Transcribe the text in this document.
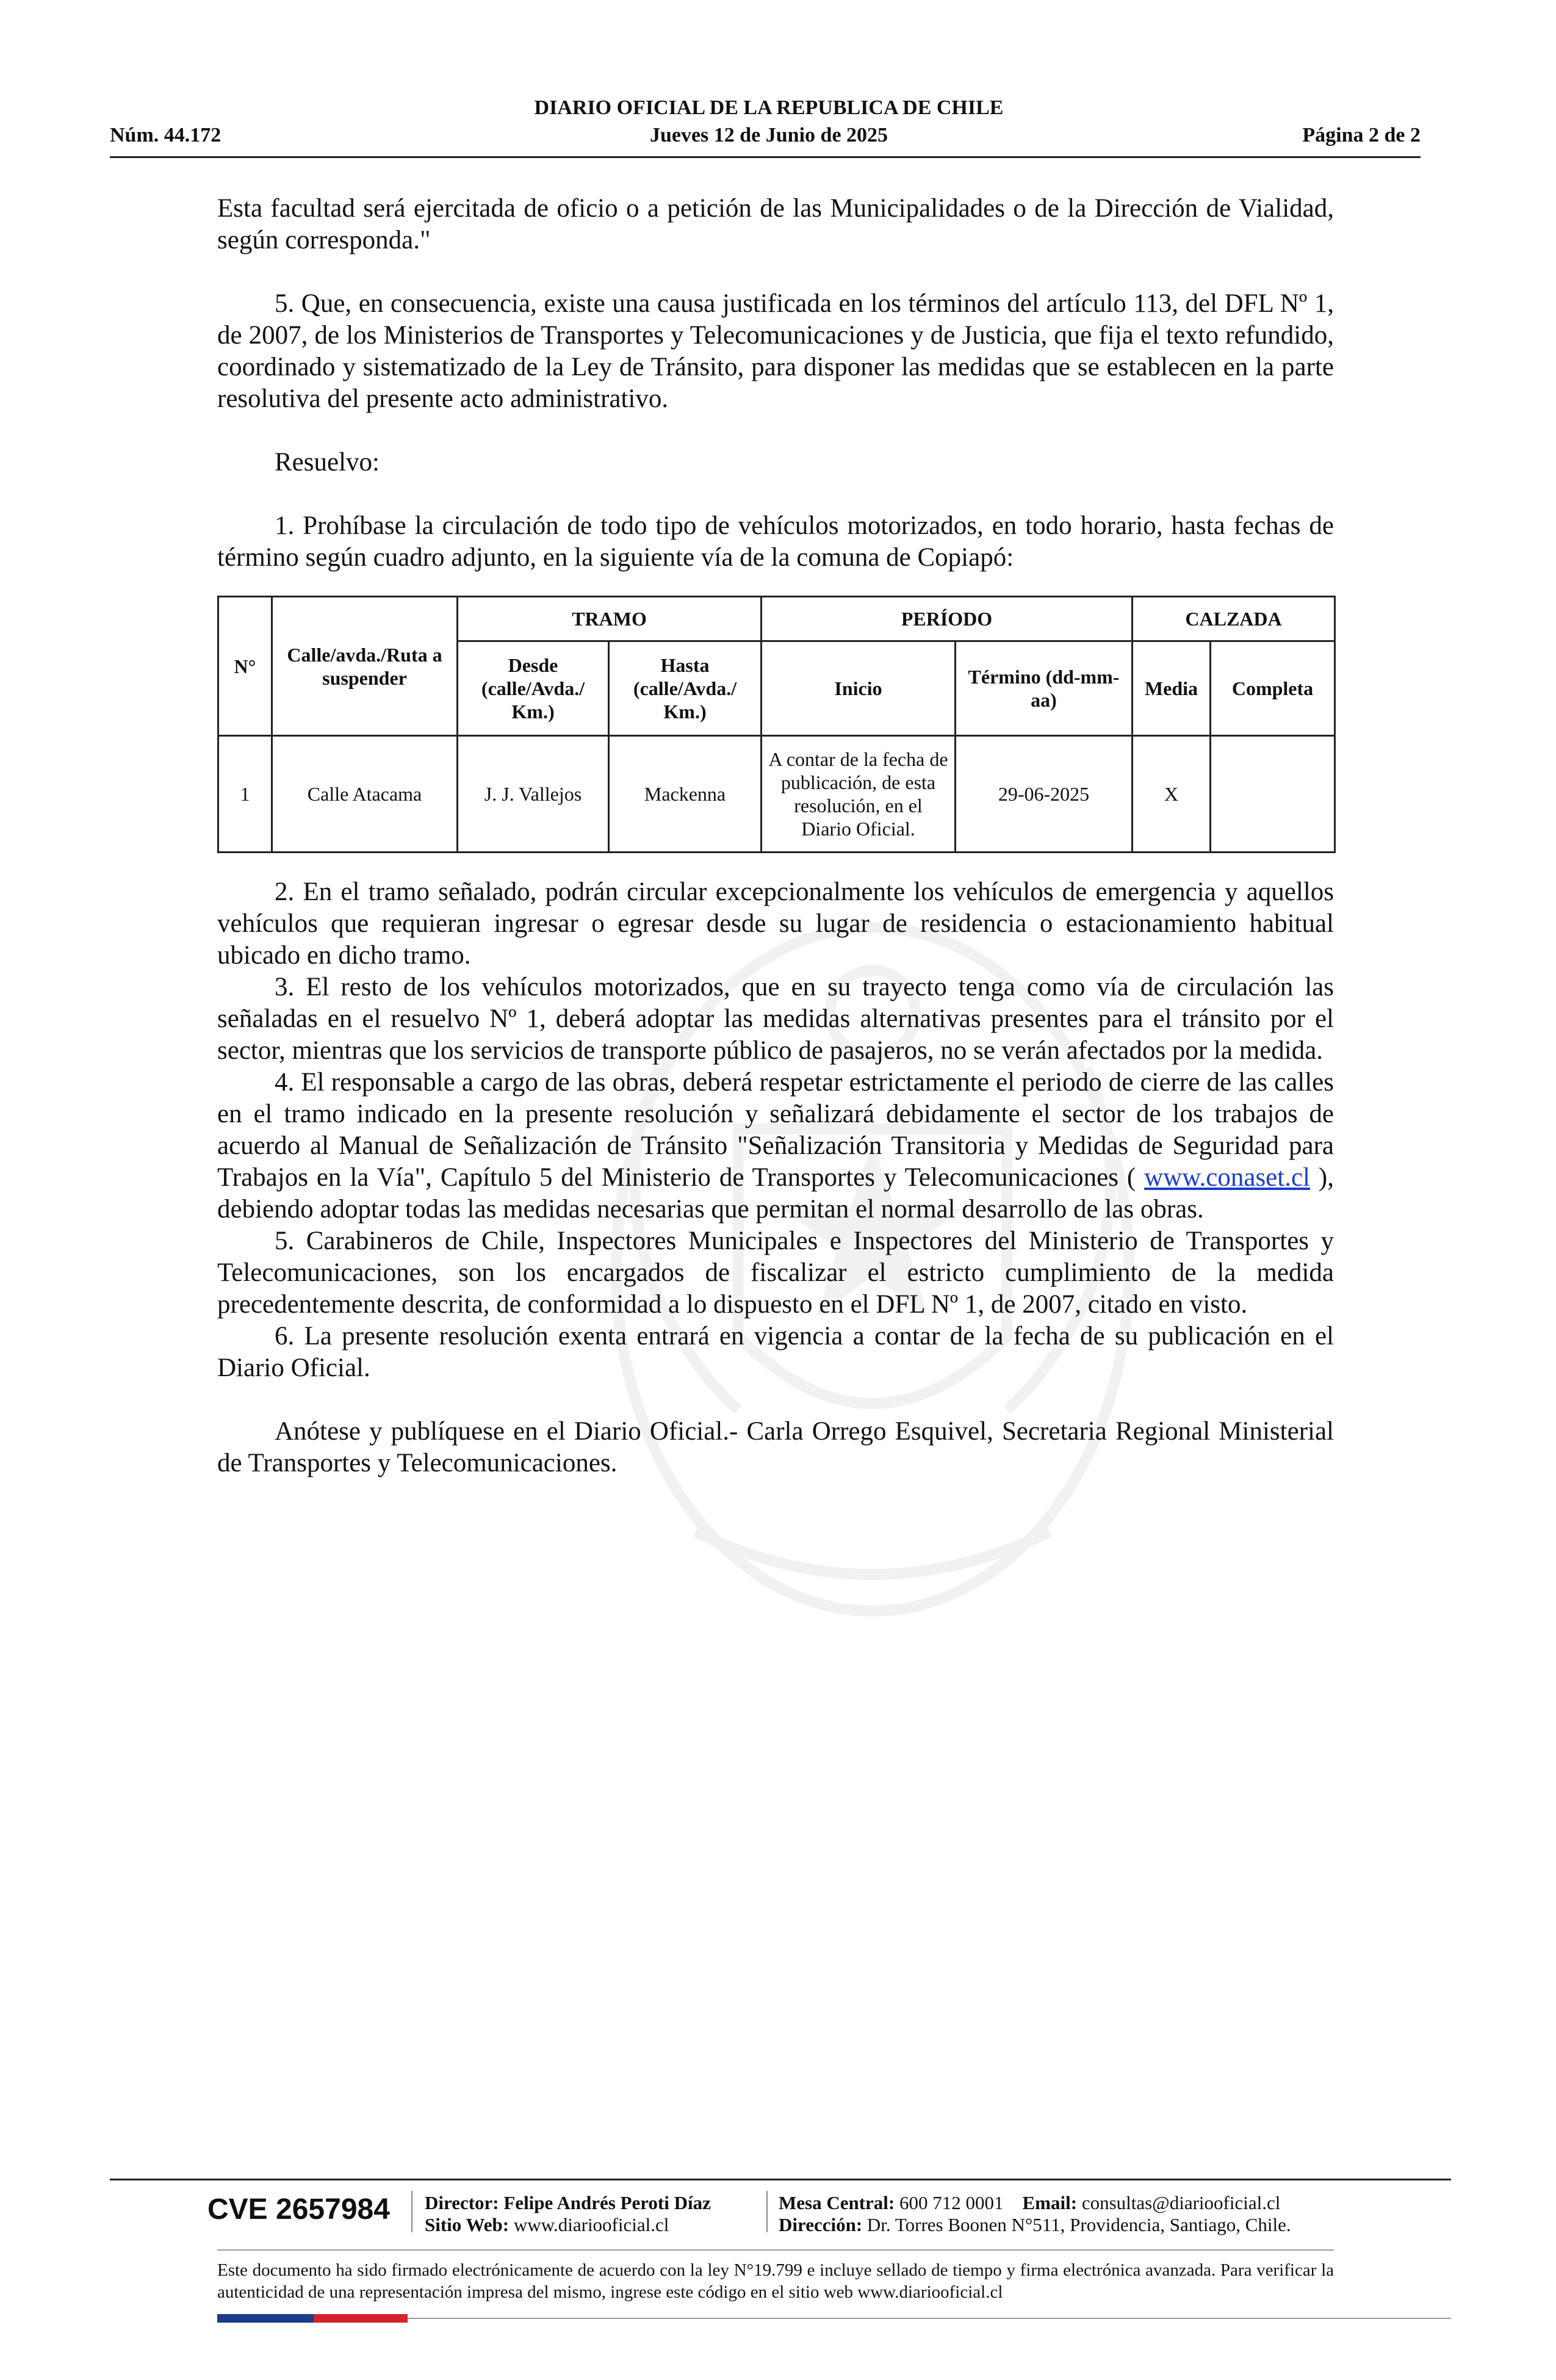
DIARIO OFICIAL DE LA REPUBLICA DE CHILE
Núm. 44.172	Jueves 12 de Junio de 2025	Página 2 de 2

Esta facultad será ejercitada de oficio o a petición de las Municipalidades o de la Dirección de Vialidad, según corresponda."

5. Que, en consecuencia, existe una causa justificada en los términos del artículo 113, del DFL Nº 1, de 2007, de los Ministerios de Transportes y Telecomunicaciones y de Justicia, que fija el texto refundido, coordinado y sistematizado de la Ley de Tránsito, para disponer las medidas que se establecen en la parte resolutiva del presente acto administrativo.

Resuelvo:

1. Prohíbase la circulación de todo tipo de vehículos motorizados, en todo horario, hasta fechas de término según cuadro adjunto, en la siguiente vía de la comuna de Copiapó:

N°	Calle/avda./Ruta a suspender	TRAMO		PERÍODO		CALZADA	
		Desde (calle/Avda./ Km.)	Hasta (calle/Avda./ Km.)	Inicio	Término (dd-mm-aa)	Media	Completa
1	Calle Atacama	J. J. Vallejos	Mackenna	A contar de la fecha de publicación, de esta resolución, en el Diario Oficial.	29-06-2025	X	

2. En el tramo señalado, podrán circular excepcionalmente los vehículos de emergencia y aquellos vehículos que requieran ingresar o egresar desde su lugar de residencia o estacionamiento habitual ubicado en dicho tramo.

3. El resto de los vehículos motorizados, que en su trayecto tenga como vía de circulación las señaladas en el resuelvo Nº 1, deberá adoptar las medidas alternativas presentes para el tránsito por el sector, mientras que los servicios de transporte público de pasajeros, no se verán afectados por la medida.

4. El responsable a cargo de las obras, deberá respetar estrictamente el periodo de cierre de las calles en el tramo indicado en la presente resolución y señalizará debidamente el sector de los trabajos de acuerdo al Manual de Señalización de Tránsito "Señalización Transitoria y Medidas de Seguridad para Trabajos en la Vía", Capítulo 5 del Ministerio de Transportes y Telecomunicaciones ( www.conaset.cl ), debiendo adoptar todas las medidas necesarias que permitan el normal desarrollo de las obras.

5. Carabineros de Chile, Inspectores Municipales e Inspectores del Ministerio de Transportes y Telecomunicaciones, son los encargados de fiscalizar el estricto cumplimiento de la medida precedentemente descrita, de conformidad a lo dispuesto en el DFL Nº 1, de 2007, citado en visto.

6. La presente resolución exenta entrará en vigencia a contar de la fecha de su publicación en el Diario Oficial.

Anótese y publíquese en el Diario Oficial.- Carla Orrego Esquivel, Secretaria Regional Ministerial de Transportes y Telecomunicaciones.

CVE 2657984 Director: Felipe Andrés Peroti Díaz
Sitio Web: www.diariooficial.cl
Mesa Central: 600 712 0001 Email: consultas@diariooficial.cl
Dirección: Dr. Torres Boonen N°511, Providencia, Santiago, Chile.
Este documento ha sido firmado electrónicamente de acuerdo con la ley N°19.799 e incluye sellado de tiempo y firma electrónica avanzada. Para verificar la autenticidad de una representación impresa del mismo, ingrese este código en el sitio web www.diariooficial.cl
